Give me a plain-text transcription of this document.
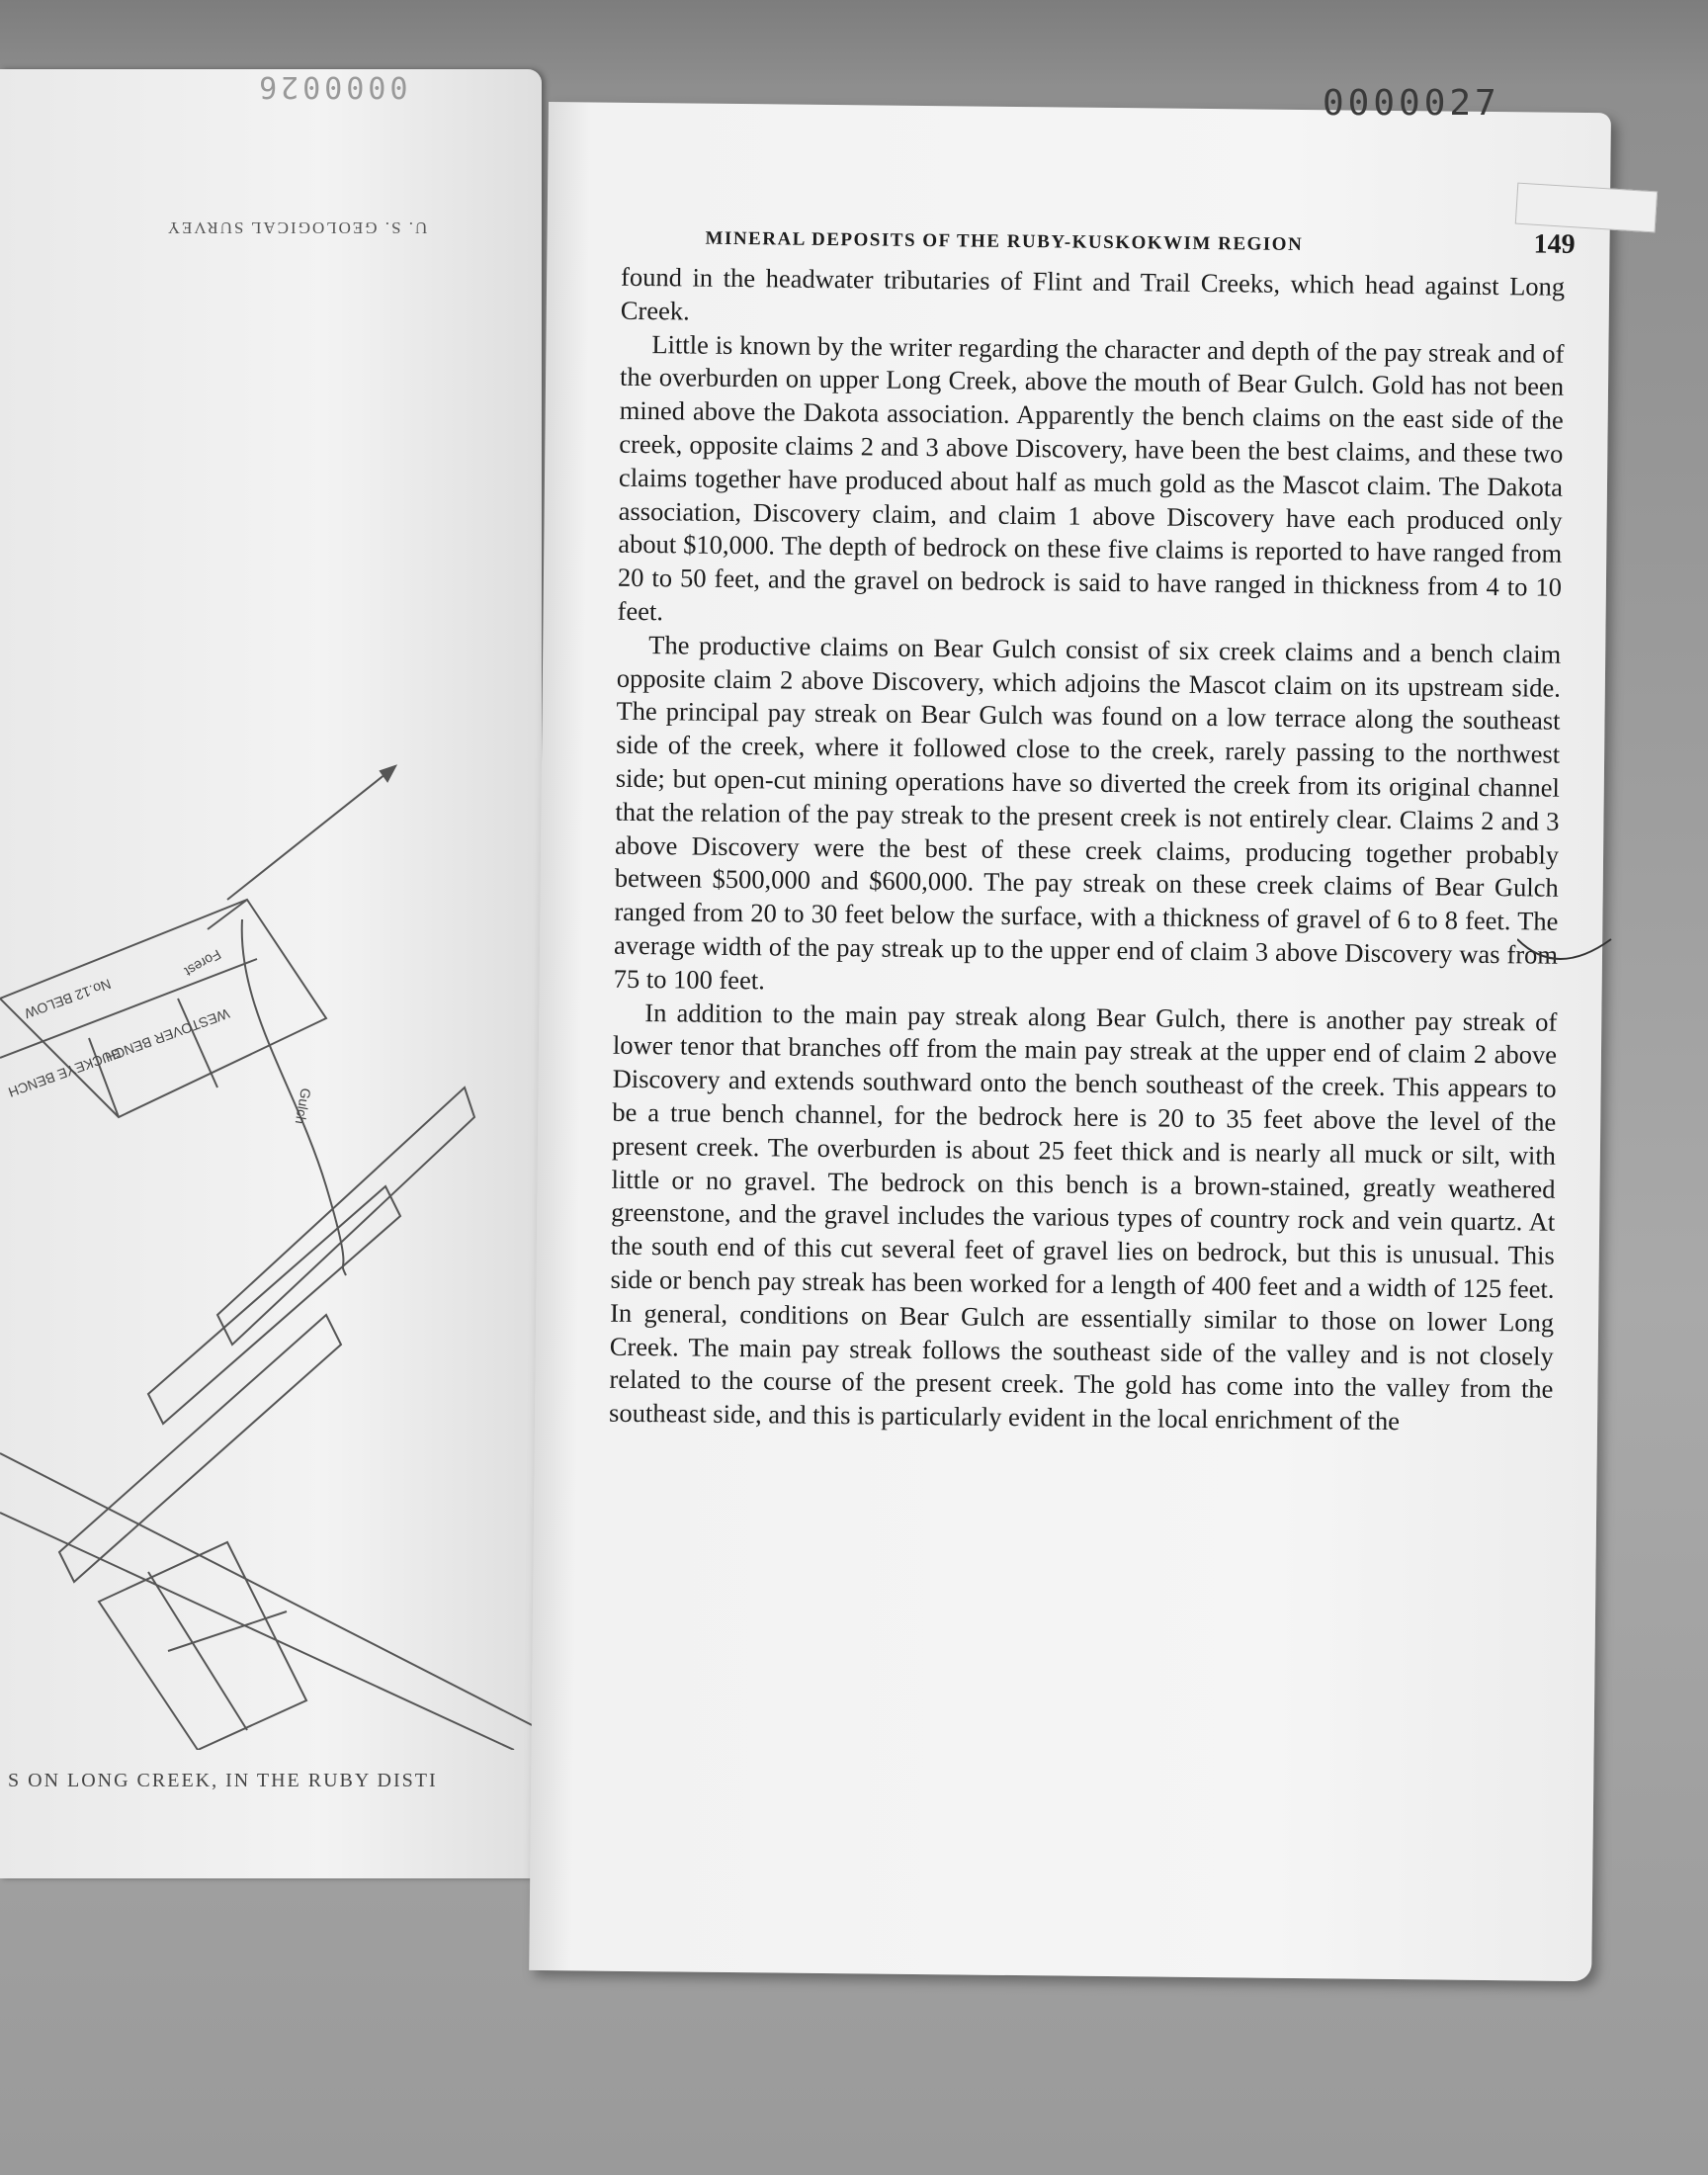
U. S. GEOLOGICAL SURVEY
BUCKEYE BENCH
WESTOVER BENCH
No.12 BELOW
Forest
Gulch
S ON LONG CREEK, IN THE RUBY DISTI
0000026
MINERAL DEPOSITS OF THE RUBY-KUSKOKWIM REGION	149

found in the headwater tributaries of Flint and Trail Creeks, which head against Long Creek.

Little is known by the writer regarding the character and depth of the pay streak and of the overburden on upper Long Creek, above the mouth of Bear Gulch. Gold has not been mined above the Dakota association. Apparently the bench claims on the east side of the creek, opposite claims 2 and 3 above Discovery, have been the best claims, and these two claims together have produced about half as much gold as the Mascot claim. The Dakota association, Discovery claim, and claim 1 above Discovery have each produced only about $10,000. The depth of bedrock on these five claims is reported to have ranged from 20 to 50 feet, and the gravel on bedrock is said to have ranged in thickness from 4 to 10 feet.

The productive claims on Bear Gulch consist of six creek claims and a bench claim opposite claim 2 above Discovery, which adjoins the Mascot claim on its upstream side. The principal pay streak on Bear Gulch was found on a low terrace along the southeast side of the creek, where it followed close to the creek, rarely passing to the northwest side; but open-cut mining operations have so diverted the creek from its original channel that the relation of the pay streak to the present creek is not entirely clear. Claims 2 and 3 above Discovery were the best of these creek claims, producing together probably between $500,000 and $600,000. The pay streak on these creek claims of Bear Gulch ranged from 20 to 30 feet below the surface, with a thickness of gravel of 6 to 8 feet. The average width of the pay streak up to the upper end of claim 3 above Discovery was from 75 to 100 feet.

In addition to the main pay streak along Bear Gulch, there is another pay streak of lower tenor that branches off from the main pay streak at the upper end of claim 2 above Discovery and extends southward onto the bench southeast of the creek. This appears to be a true bench channel, for the bedrock here is 20 to 35 feet above the level of the present creek. The overburden is about 25 feet thick and is nearly all muck or silt, with little or no gravel. The bedrock on this bench is a brown-stained, greatly weathered greenstone, and the gravel includes the various types of country rock and vein quartz. At the south end of this cut several feet of gravel lies on bedrock, but this is unusual. This side or bench pay streak has been worked for a length of 400 feet and a width of 125 feet. In general, conditions on Bear Gulch are essentially similar to those on lower Long Creek. The main pay streak follows the southeast side of the valley and is not closely related to the course of the present creek. The gold has come into the valley from the southeast side, and this is particularly evident in the local enrichment of the

0000027
